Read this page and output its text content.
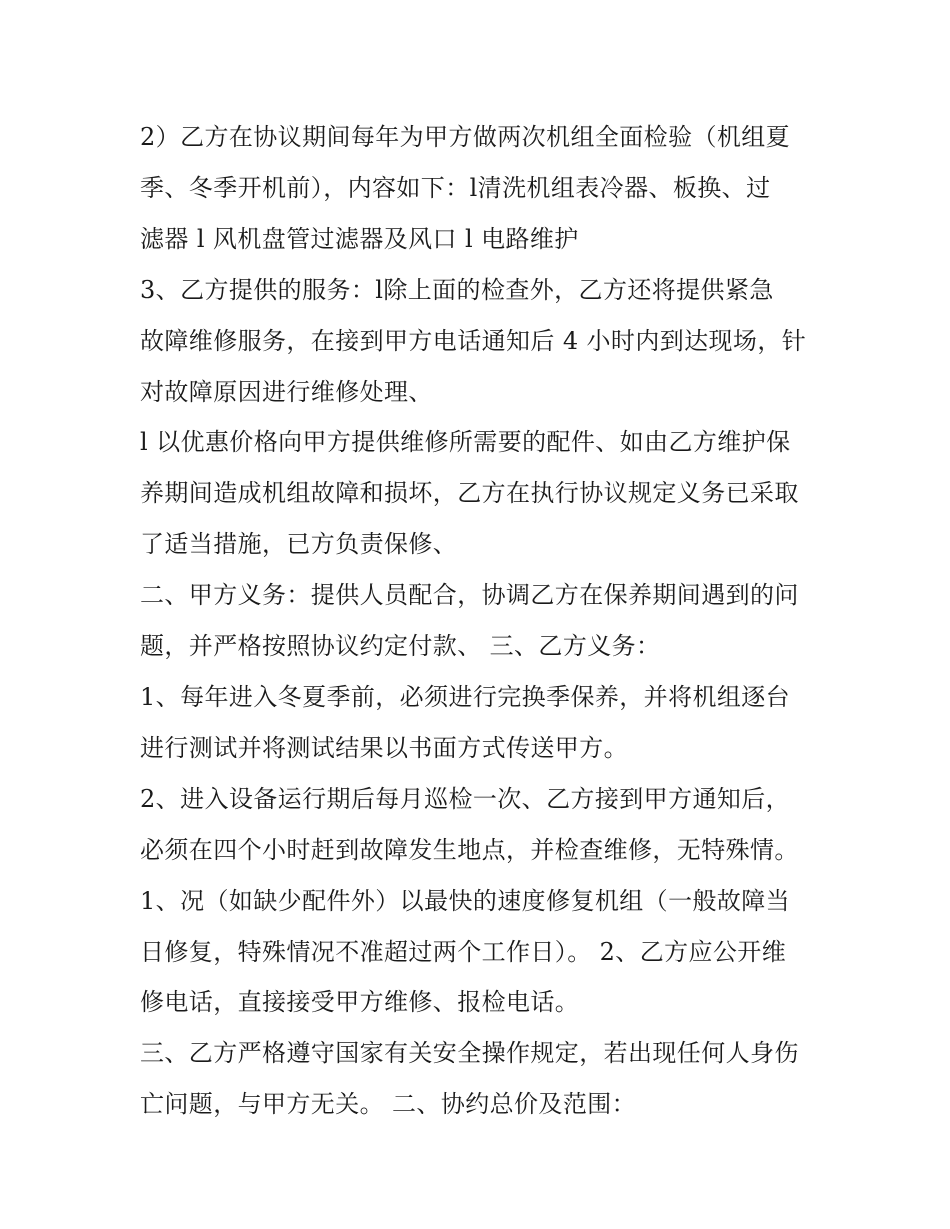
2）乙方在协议期间每年为甲方做两次机组全面检验（机组夏
季、冬季开机前），内容如下：l清洗机组表冷器、板换、过
滤器 l 风机盘管过滤器及风口 l 电路维护
3、乙方提供的服务：l除上面的检查外，乙方还将提供紧急
故障维修服务，在接到甲方电话通知后 4 小时内到达现场，针
对故障原因进行维修处理、
l 以优惠价格向甲方提供维修所需要的配件、如由乙方维护保
养期间造成机组故障和损坏，乙方在执行协议规定义务已采取
了适当措施，已方负责保修、
二、甲方义务：提供人员配合，协调乙方在保养期间遇到的问
题，并严格按照协议约定付款、 三、乙方义务：
1、每年进入冬夏季前，必须进行完换季保养，并将机组逐台
进行测试并将测试结果以书面方式传送甲方。
2、进入设备运行期后每月巡检一次、乙方接到甲方通知后，
必须在四个小时赶到故障发生地点，并检查维修，无特殊情。
1、况（如缺少配件外）以最快的速度修复机组（一般故障当
日修复，特殊情况不准超过两个工作日）。 2、乙方应公开维
修电话，直接接受甲方维修、报检电话。
三、乙方严格遵守国家有关安全操作规定，若出现任何人身伤
亡问题，与甲方无关。 二、协约总价及范围：
